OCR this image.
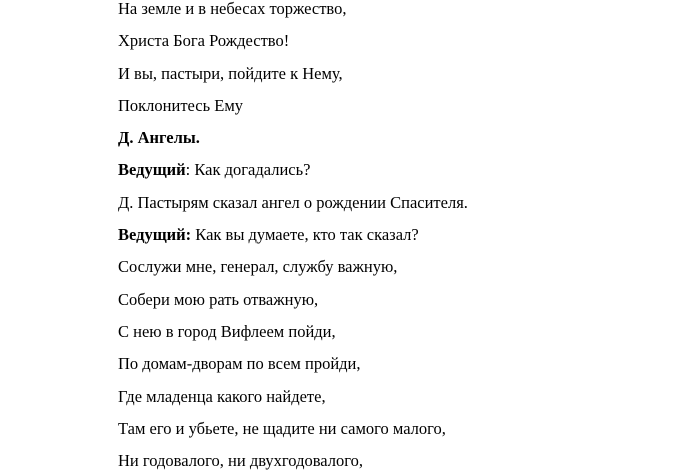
На земле и в небесах торжество,

Христа Бога Рождество!

И вы, пастыри, пойдите к Нему,

Поклонитесь Ему

Д. Ангелы.

Ведущий: Как догадались?

Д. Пастырям сказал ангел о рождении Спасителя.

Ведущий: Как вы думаете, кто так сказал?

Сослужи мне, генерал, службу важную,

Собери мою рать отважную,

С нею в город Вифлеем пойди,

По домам-дворам по всем пройди,

Где младенца какого найдете,

Там его и убьете, не щадите ни самого малого,

Ни годовалого, ни двухгодовалого,
